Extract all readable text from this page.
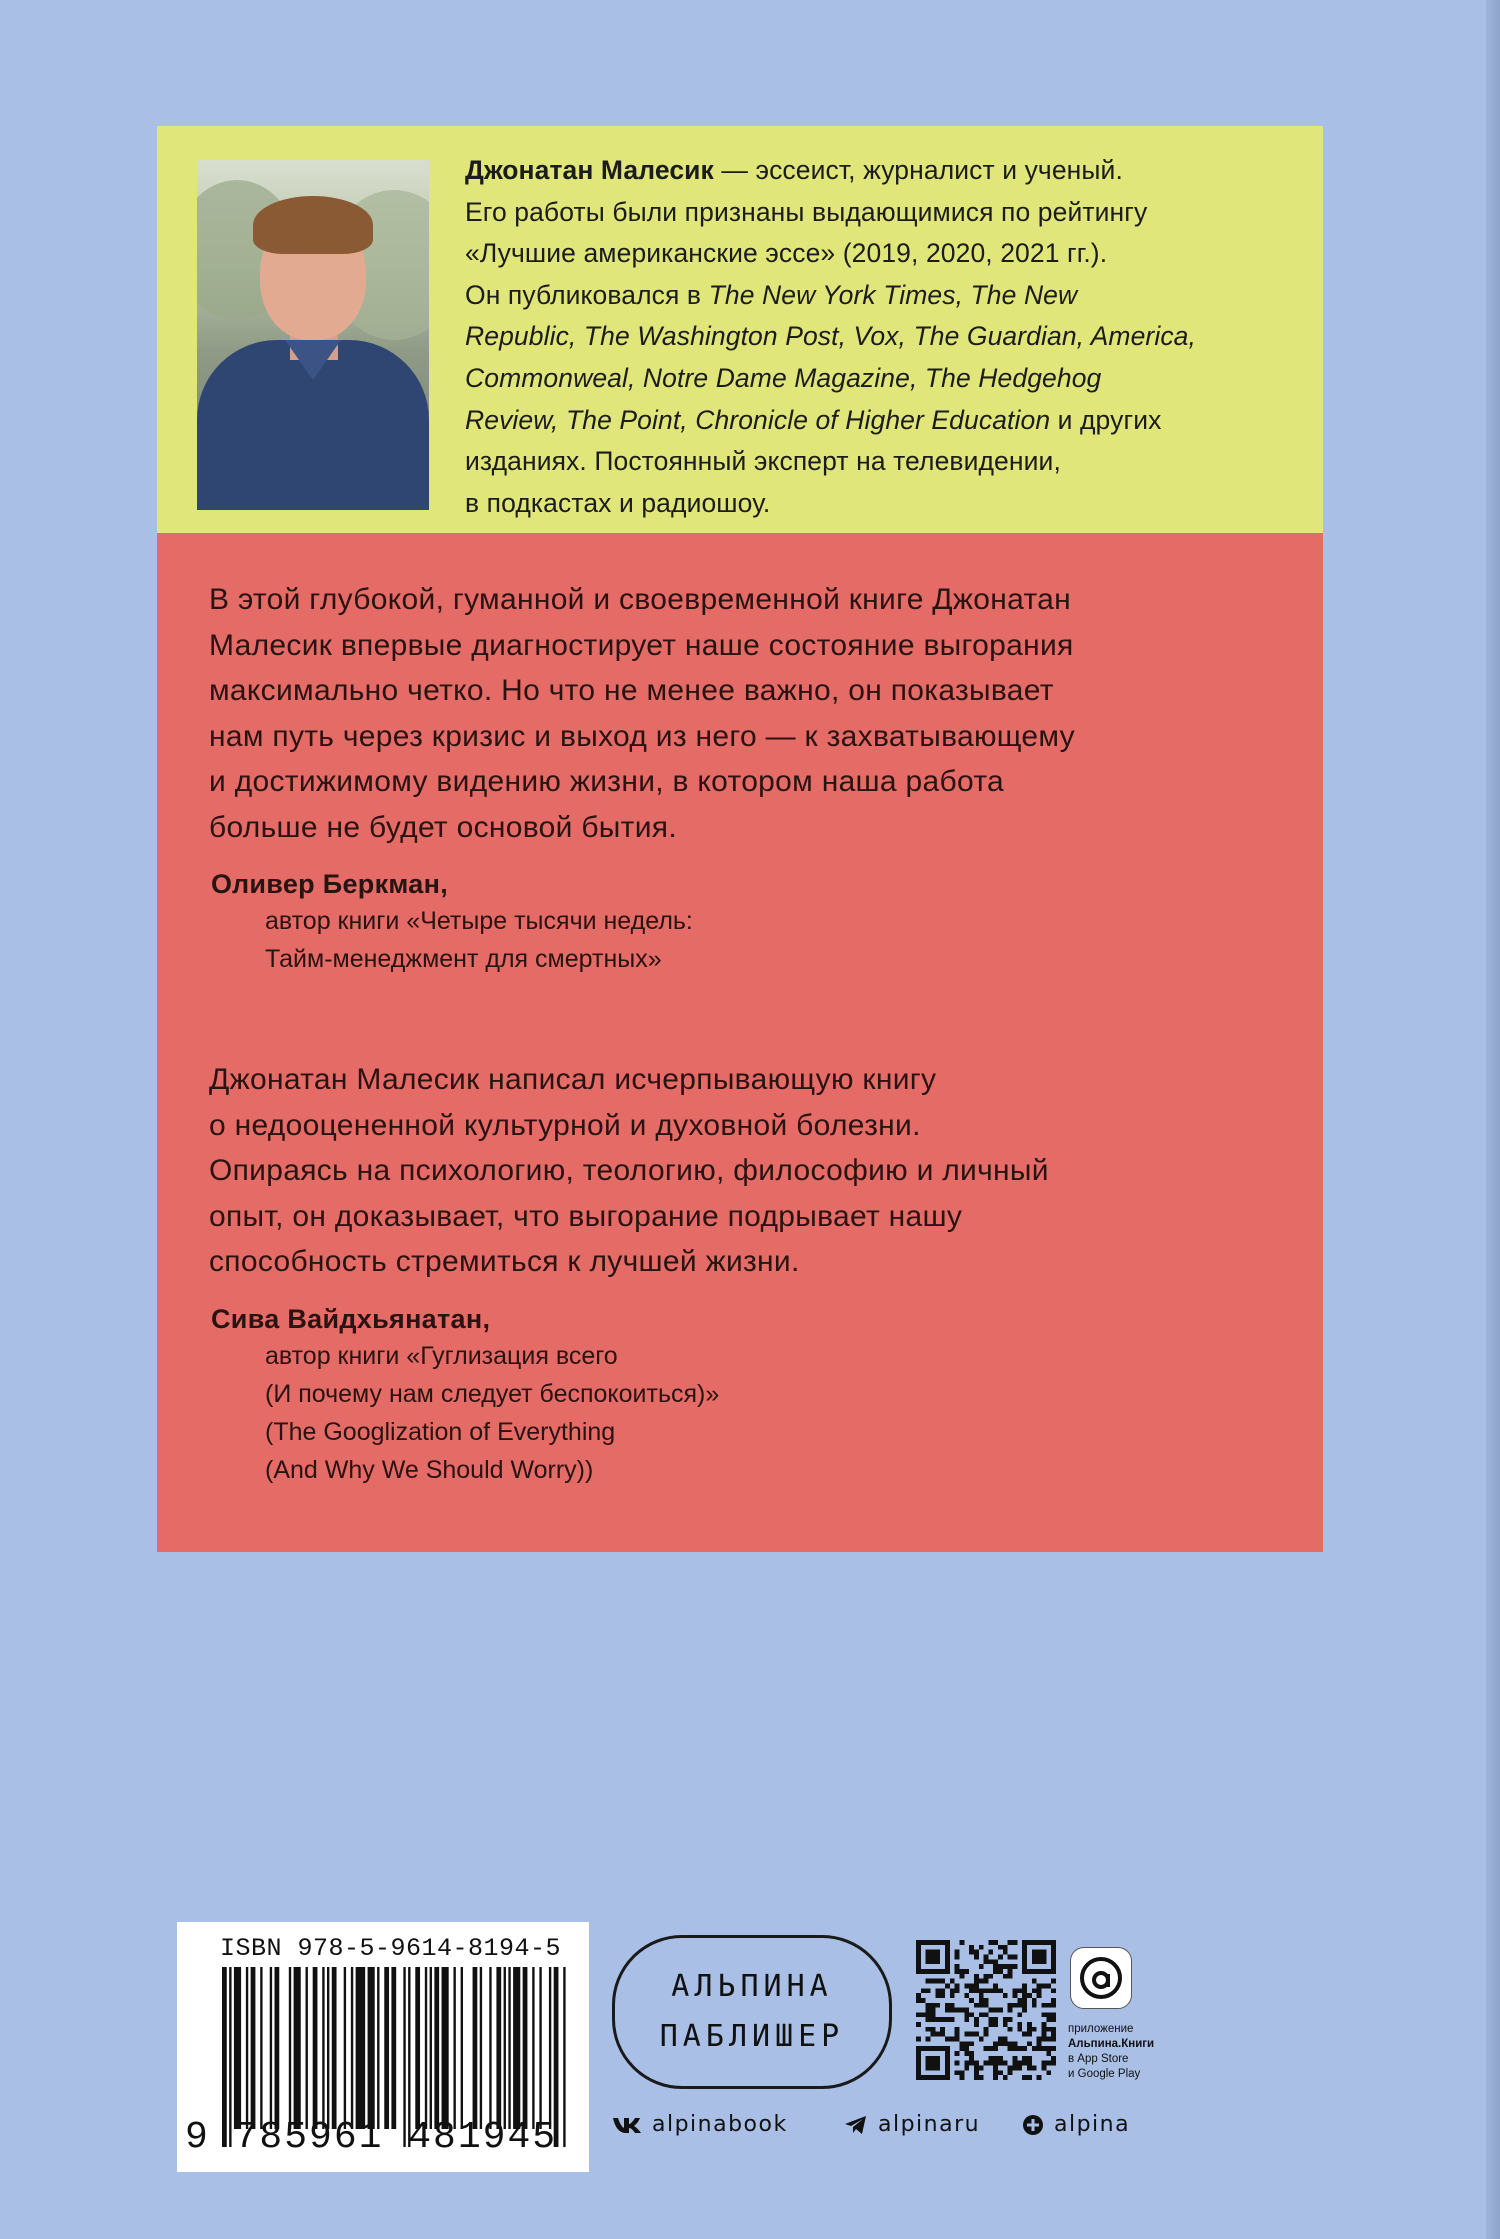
Джонатан Малесик — эссеист, журналист и ученый.

Его работы были признаны выдающимися по рейтингу

«Лучшие американские эссе» (2019, 2020, 2021 гг.).

Он публиковался в The New York Times, The New

Republic, The Washington Post, Vox, The Guardian, America,

Commonweal, Notre Dame Magazine, The Hedgehog

Review, The Point, Chronicle of Higher Education и других

изданиях. Постоянный эксперт на телевидении,

в подкастах и радиошоу.

В этой глубокой, гуманной и своевременной книге Джонатан

Малесик впервые диагностирует наше состояние выгорания

максимально четко. Но что не менее важно, он показывает

нам путь через кризис и выход из него — к захватывающему

и достижимому видению жизни, в котором наша работа

больше не будет основой бытия.

Оливер Беркман,
автор книги «Четыре тысячи недель:
Тайм-менеджмент для смертных»

Джонатан Малесик написал исчерпывающую книгу

о недооцененной культурной и духовной болезни.

Опираясь на психологию, теологию, философию и личный

опыт, он доказывает, что выгорание подрывает нашу

способность стремиться к лучшей жизни.

Сива Вайдхьянатан,
автор книги «Гуглизация всего
(И почему нам следует беспокоиться)»
(The Googlization of Everything
(And Why We Should Worry))
ISBN 978-5-9614-8194-5
9 785961 481945
АЛЬПИНА
ПАБЛИШЕР	приложение
Альпина.Книги
в App Store
и Google Play
alpinabook	alpinaru	alpina
